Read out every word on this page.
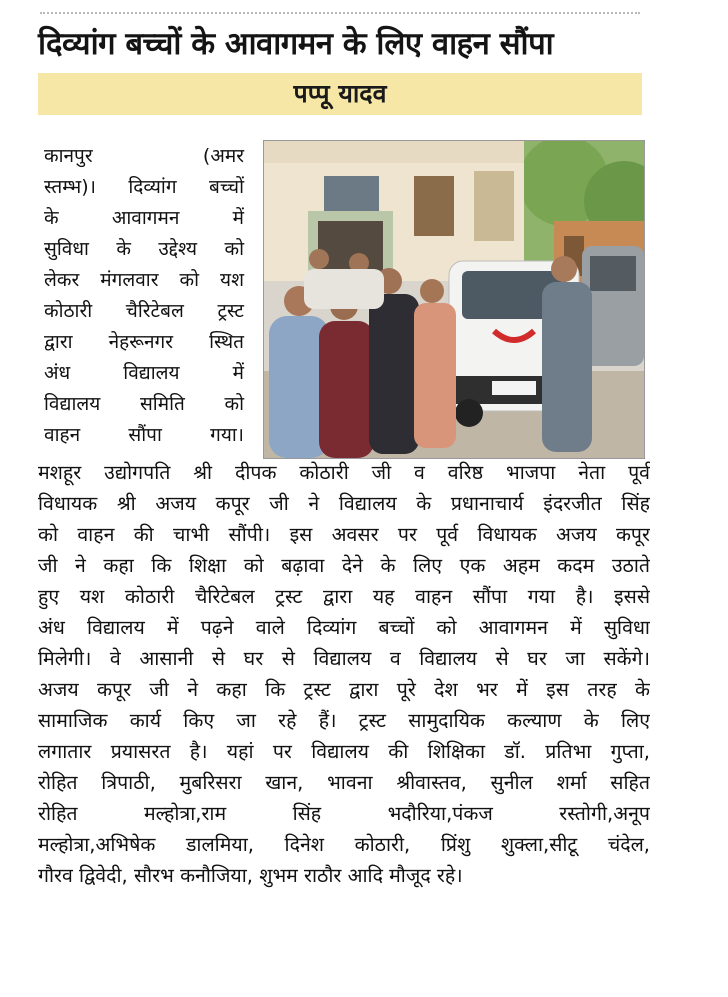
दिव्यांग बच्चों के आवागमन के लिए वाहन सौंपा
पप्पू यादव
कानपुर (अमर
स्तम्भ)। दिव्यांग बच्चों
के आवागमन में
सुविधा के उद्देश्य को
लेकर मंगलवार को यश
कोठारी चैरिटेबल ट्रस्ट
द्वारा नेहरूनगर स्थित
अंध विद्यालय में
विद्यालय समिति को
वाहन सौंपा गया।
मशहूर उद्योगपति श्री दीपक कोठारी जी व वरिष्ठ भाजपा नेता पूर्व
विधायक श्री अजय कपूर जी ने विद्यालय के प्रधानाचार्य इंदरजीत सिंह
को वाहन की चाभी सौंपी। इस अवसर पर पूर्व विधायक अजय कपूर
जी ने कहा कि शिक्षा को बढ़ावा देने के लिए एक अहम कदम उठाते
हुए यश कोठारी चैरिटेबल ट्रस्ट द्वारा यह वाहन सौंपा गया है। इससे
अंध विद्यालय में पढ़ने वाले दिव्यांग बच्चों को आवागमन में सुविधा
मिलेगी। वे आसानी से घर से विद्यालय व विद्यालय से घर जा सकेंगे।
अजय कपूर जी ने कहा कि ट्रस्ट द्वारा पूरे देश भर में इस तरह के
सामाजिक कार्य किए जा रहे हैं। ट्रस्ट सामुदायिक कल्याण के लिए
लगातार प्रयासरत है। यहां पर विद्यालय की शिक्षिका डॉ. प्रतिभा गुप्ता,
रोहित त्रिपाठी, मुबरिसरा खान, भावना श्रीवास्तव, सुनील शर्मा सहित
रोहित मल्होत्रा,राम सिंह भदौरिया,पंकज रस्तोगी,अनूप
मल्होत्रा,अभिषेक डालमिया, दिनेश कोठारी, प्रिंशु शुक्ला,सीटू चंदेल,
गौरव द्विवेदी, सौरभ कनौजिया, शुभम राठौर आदि मौजूद रहे।
